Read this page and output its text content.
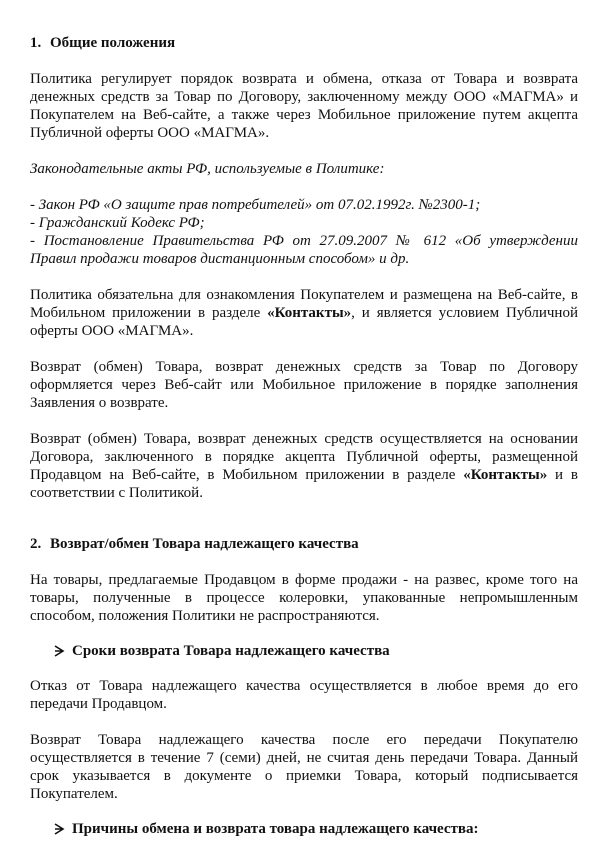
1. Общие положения

Политика регулирует порядок возврата и обмена, отказа от Товара и возврата денежных средств за Товар по Договору, заключенному между ООО «МАГМА» и Покупателем на Веб-сайте, а также через Мобильное приложение путем акцепта Публичной оферты ООО «МАГМА».

Законодательные акты РФ, используемые в Политике:

- Закон РФ «О защите прав потребителей» от 07.02.1992г. №2300-1;

- Гражданский Кодекс РФ;

- Постановление Правительства РФ от 27.09.2007 № 612 «Об утверждении Правил продажи товаров дистанционным способом» и др.

Политика обязательна для ознакомления Покупателем и размещена на Веб-сайте, в Мобильном приложении в разделе «Контакты», и является условием Публичной оферты ООО «МАГМА».

Возврат (обмен) Товара, возврат денежных средств за Товар по Договору оформляется через Веб-сайт или Мобильное приложение в порядке заполнения Заявления о возврате.

Возврат (обмен) Товара, возврат денежных средств осуществляется на основании Договора, заключенного в порядке акцепта Публичной оферты, размещенной Продавцом на Веб-сайте, в Мобильном приложении в разделе «Контакты» и в соответствии с Политикой.

2. Возврат/обмен Товара надлежащего качества

На товары, предлагаемые Продавцом в форме продажи - на развес, кроме того на товары, полученные в процессе колеровки, упакованные непромышленным способом, положения Политики не распространяются.

Сроки возврата Товара надлежащего качества

Отказ от Товара надлежащего качества осуществляется в любое время до его передачи Продавцом.

Возврат Товара надлежащего качества после его передачи Покупателю осуществляется в течение 7 (семи) дней, не считая день передачи Товара. Данный срок указывается в документе о приемки Товара, который подписывается Покупателем.

Причины обмена и возврата товара надлежащего качества:
